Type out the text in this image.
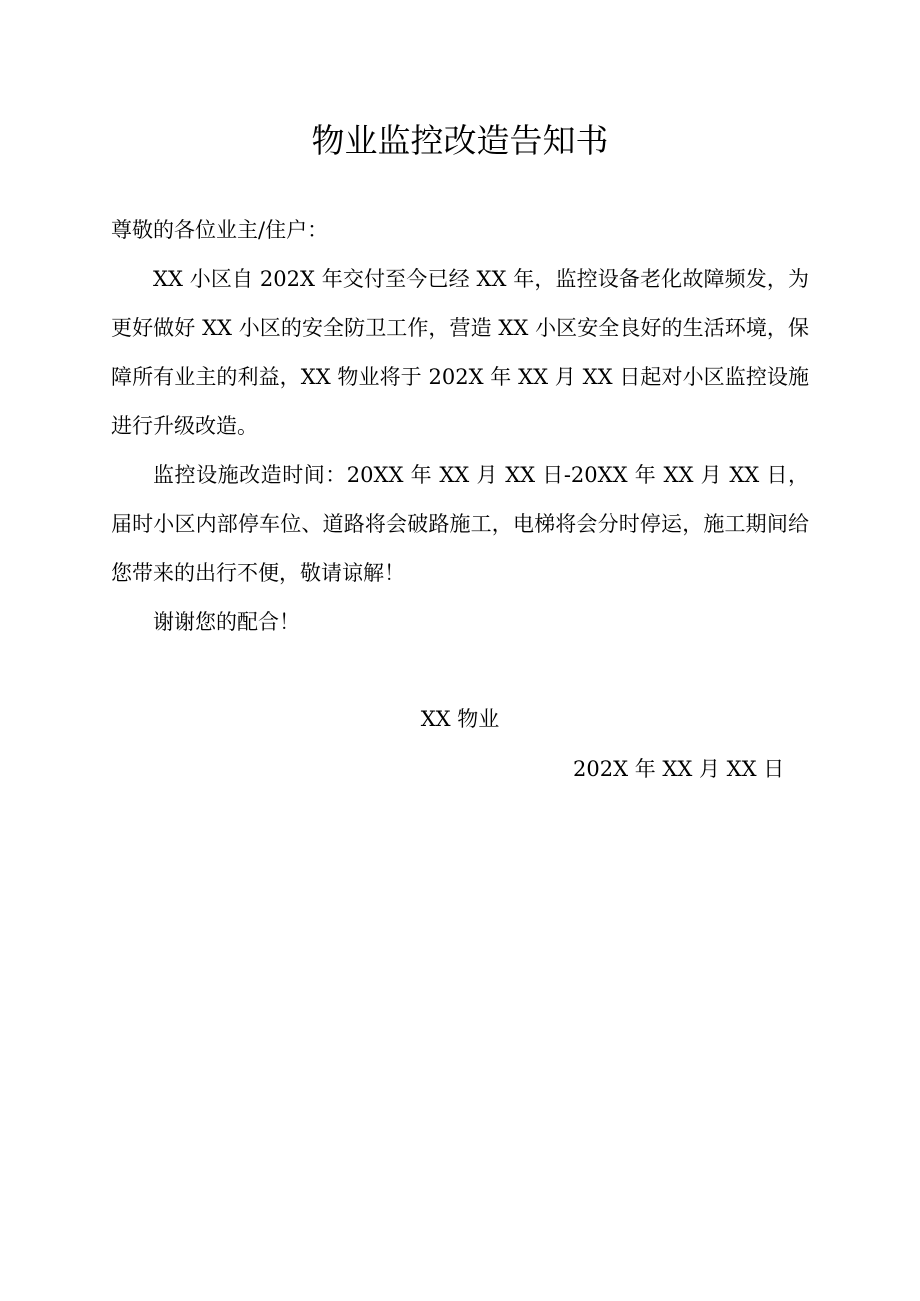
物业监控改造告知书

尊敬的各位业主/住户：

XX 小区自 202X 年交付至今已经 XX 年，监控设备老化故障频发，为更好做好 XX 小区的安全防卫工作，营造 XX 小区安全良好的生活环境，保障所有业主的利益，XX 物业将于 202X 年 XX 月 XX 日起对小区监控设施进行升级改造。

监控设施改造时间：20XX 年 XX 月 XX 日-20XX 年 XX 月 XX 日，届时小区内部停车位、道路将会破路施工，电梯将会分时停运，施工期间给您带来的出行不便，敬请谅解！

谢谢您的配合！

XX 物业

202X 年 XX 月 XX 日
